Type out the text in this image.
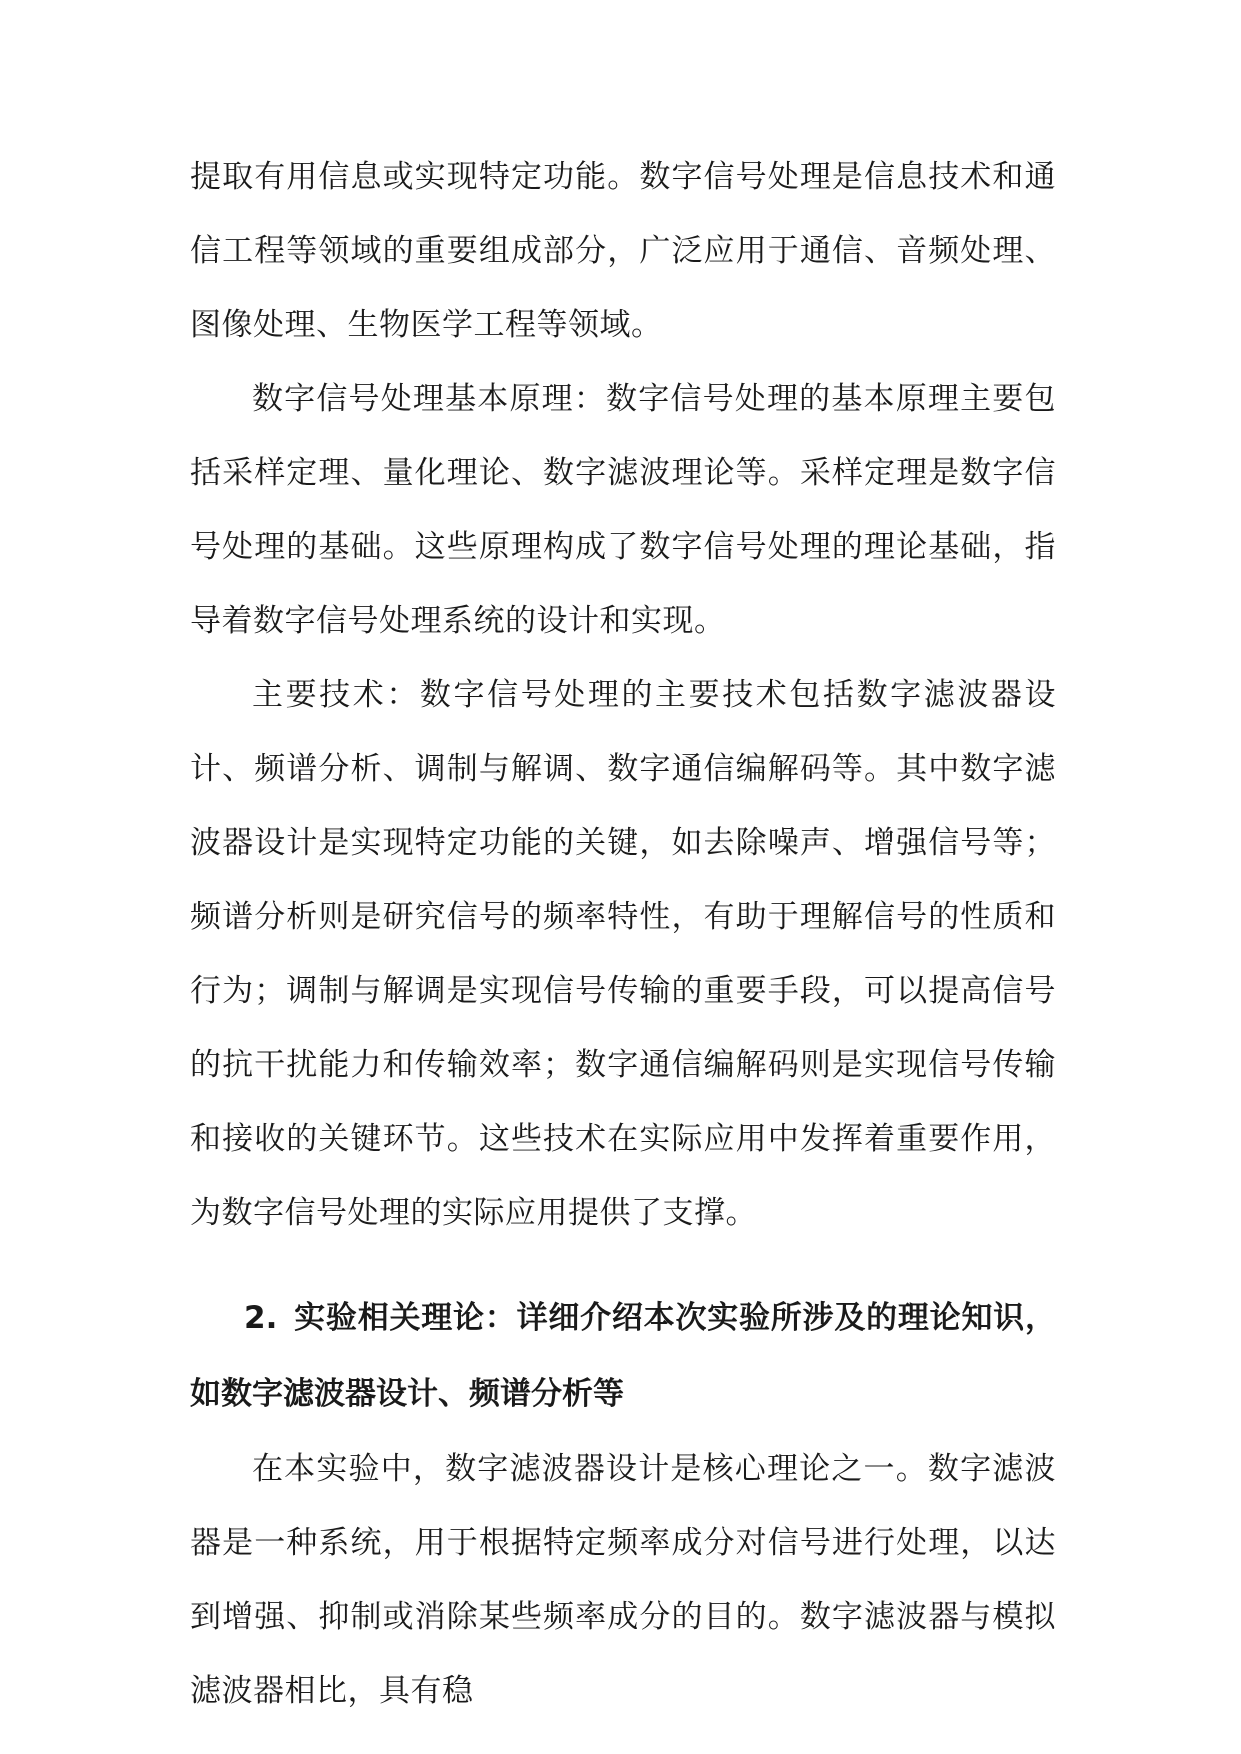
提取有用信息或实现特定功能。数字信号处理是信息技术和通信工程等领域的重要组成部分，广泛应用于通信、音频处理、图像处理、生物医学工程等领域。

数字信号处理基本原理：数字信号处理的基本原理主要包括采样定理、量化理论、数字滤波理论等。采样定理是数字信号处理的基础。这些原理构成了数字信号处理的理论基础，指导着数字信号处理系统的设计和实现。

主要技术：数字信号处理的主要技术包括数字滤波器设计、频谱分析、调制与解调、数字通信编解码等。其中数字滤波器设计是实现特定功能的关键，如去除噪声、增强信号等；频谱分析则是研究信号的频率特性，有助于理解信号的性质和行为；调制与解调是实现信号传输的重要手段，可以提高信号的抗干扰能力和传输效率；数字通信编解码则是实现信号传输和接收的关键环节。这些技术在实际应用中发挥着重要作用，为数字信号处理的实际应用提供了支撑。

2. 实验相关理论：详细介绍本次实验所涉及的理论知识，如数字滤波器设计、频谱分析等

在本实验中，数字滤波器设计是核心理论之一。数字滤波器是一种系统，用于根据特定频率成分对信号进行处理，以达到增强、抑制或消除某些频率成分的目的。数字滤波器与模拟滤波器相比，具有稳
